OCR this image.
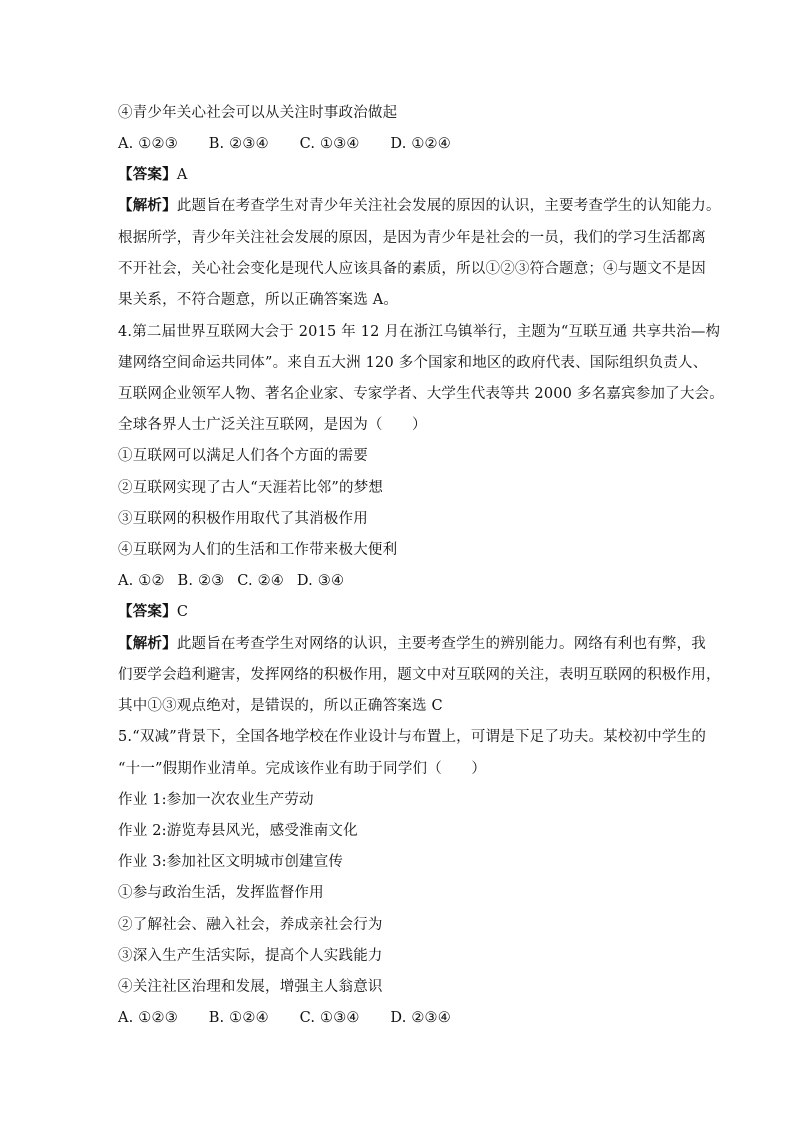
④青少年关心社会可以从关注时事政治做起
A. ①②③ B. ②③④ C. ①③④ D. ①②④
【答案】A
【解析】此题旨在考查学生对青少年关注社会发展的原因的认识，主要考查学生的认知能力。
根据所学，青少年关注社会发展的原因，是因为青少年是社会的一员，我们的学习生活都离
不开社会，关心社会变化是现代人应该具备的素质，所以①②③符合题意；④与题文不是因
果关系，不符合题意，所以正确答案选 A。
4.第二届世界互联网大会于 2015 年 12 月在浙江乌镇举行，主题为“互联互通 共享共治—构
建网络空间命运共同体”。来自五大洲 120 多个国家和地区的政府代表、国际组织负责人、
互联网企业领军人物、著名企业家、专家学者、大学生代表等共 2000 多名嘉宾参加了大会。
全球各界人士广泛关注互联网，是因为（　　）
①互联网可以满足人们各个方面的需要
②互联网实现了古人“天涯若比邻”的梦想
③互联网的积极作用取代了其消极作用
④互联网为人们的生活和工作带来极大便利
A. ①② B. ②③ C. ②④ D. ③④
【答案】C
【解析】此题旨在考查学生对网络的认识，主要考查学生的辨别能力。网络有利也有弊，我
们要学会趋利避害，发挥网络的积极作用，题文中对互联网的关注，表明互联网的积极作用，
其中①③观点绝对，是错误的，所以正确答案选 C
5.“双减”背景下，全国各地学校在作业设计与布置上，可谓是下足了功夫。某校初中学生的
“十一”假期作业清单。完成该作业有助于同学们（　　）
作业 1:参加一次农业生产劳动
作业 2:游览寿县风光，感受淮南文化
作业 3:参加社区文明城市创建宣传
①参与政治生活，发挥监督作用
②了解社会、融入社会，养成亲社会行为
③深入生产生活实际，提高个人实践能力
④关注社区治理和发展，增强主人翁意识
A. ①②③ B. ①②④ C. ①③④ D. ②③④
